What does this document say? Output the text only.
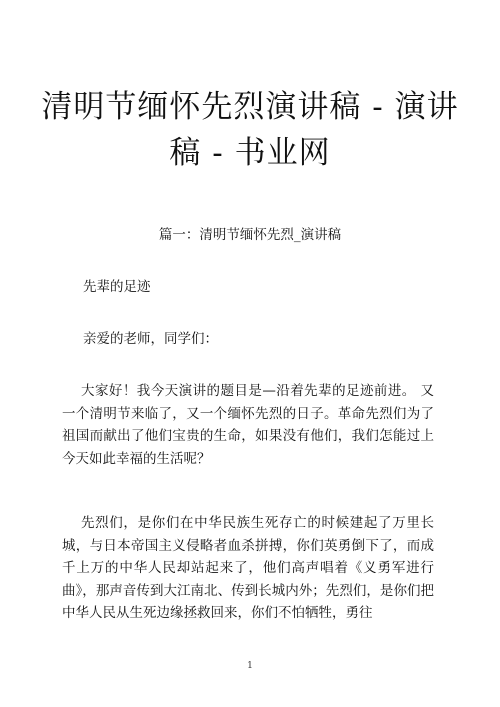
清明节缅怀先烈演讲稿 - 演讲稿 - 书业网

篇一：清明节缅怀先烈_演讲稿

先辈的足迹

亲爱的老师，同学们：

大家好！我今天演讲的题目是—沿着先辈的足迹前进。 又一个清明节来临了，又一个缅怀先烈的日子。革命先烈们为了祖国而献出了他们宝贵的生命，如果没有他们，我们怎能过上今天如此幸福的生活呢？

先烈们，是你们在中华民族生死存亡的时候建起了万里长城，与日本帝国主义侵略者血杀拼搏，你们英勇倒下了，而成千上万的中华人民却站起来了，他们高声唱着《义勇军进行曲》，那声音传到大江南北、传到长城内外；先烈们，是你们把中华人民从生死边缘拯救回来，你们不怕牺牲，勇往

1
